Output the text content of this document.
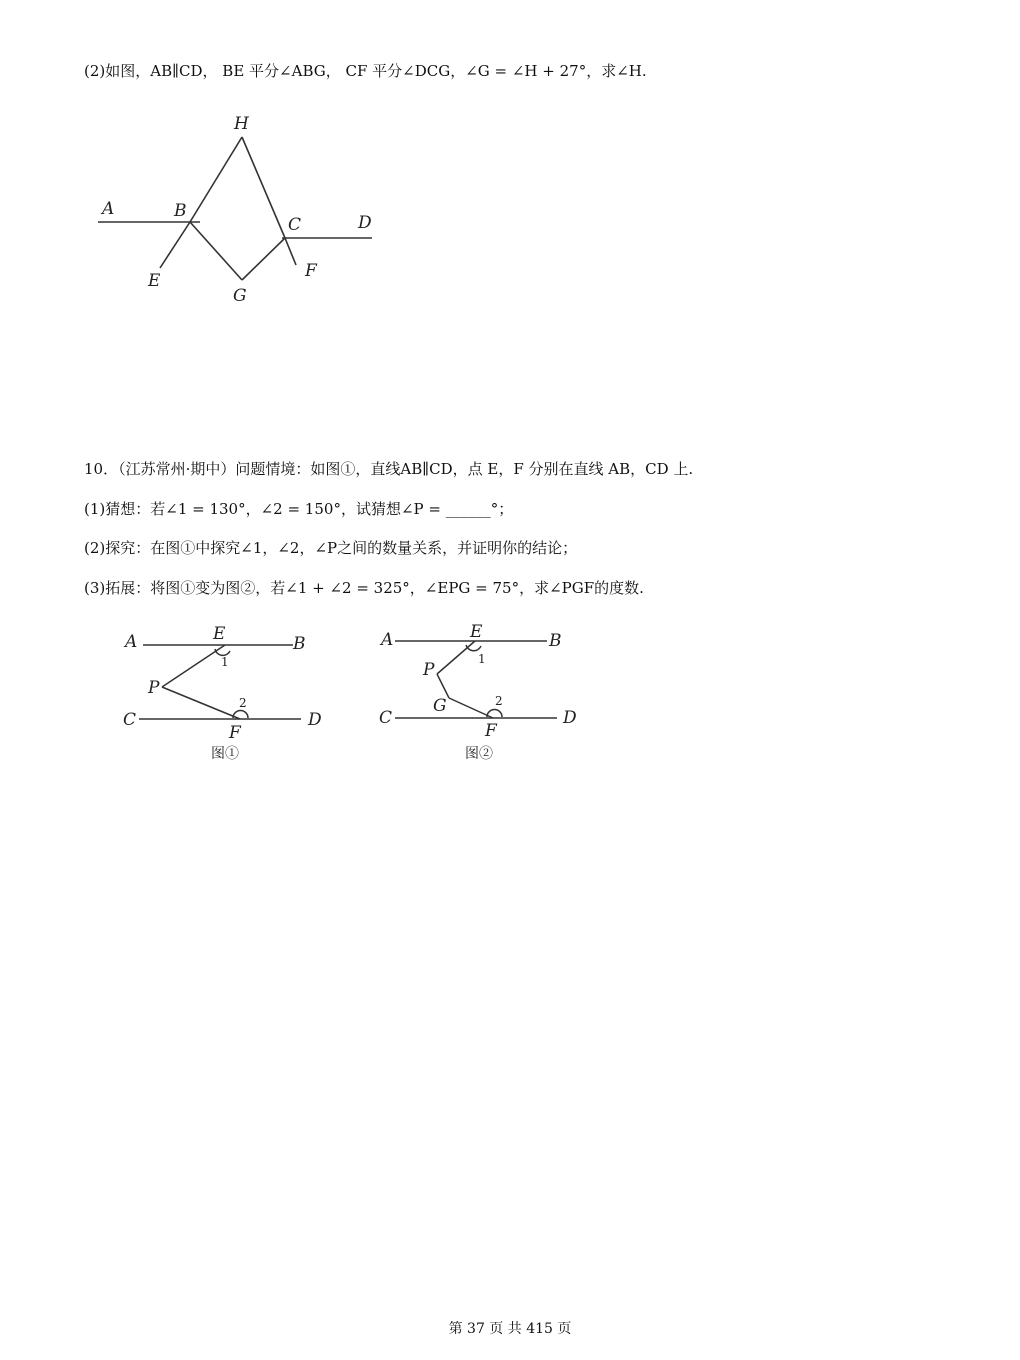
(2)如图，AB∥CD， BE 平分∠ABG， CF 平分∠DCG，∠G = ∠H + 27°，求∠H.
H
A	B
C	D
E	F
G
10．（江苏常州·期中）问题情境：如图①，直线AB∥CD，点 E，F 分别在直线 AB，CD 上.
(1)猜想：若∠1 = 130°，∠2 = 150°，试猜想∠P = ______°；
(2)探究：在图①中探究∠1，∠2，∠P之间的数量关系，并证明你的结论；
(3)拓展：将图①变为图②，若∠1 + ∠2 = 325°，∠EPG = 75°，求∠PGF的度数.
A	E	B
1
P
2
C	D
F
图①
A	E	B
1
P
G	2
C	D
F
图②
第 37 页 共 415 页
